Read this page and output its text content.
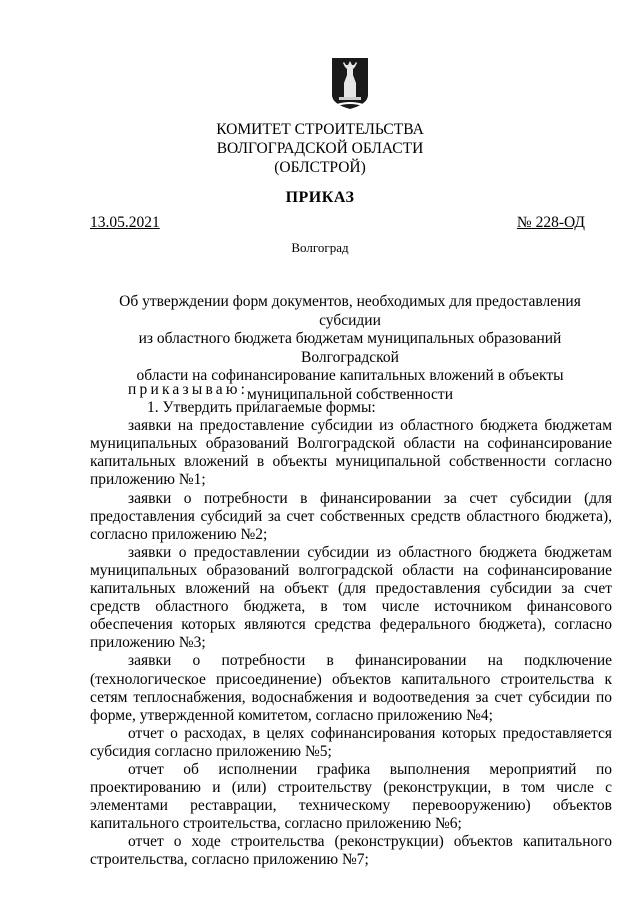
КОМИТЕТ СТРОИТЕЛЬСТВА
ВОЛГОГРАДСКОЙ ОБЛАСТИ
(ОБЛСТРОЙ)
ПРИКАЗ
13.05.2021	№ 228-ОД
Волгоград
Об утверждении форм документов, необходимых для предоставления субсидии
из областного бюджета бюджетам муниципальных образований Волгоградской
области на софинансирование капитальных вложений в объекты
муниципальной собственности

приказываю:

1. Утвердить прилагаемые формы:

заявки на предоставление субсидии из областного бюджета бюджетам муниципальных образований Волгоградской области на софинансирование капитальных вложений в объекты муниципальной собственности согласно приложению №1;

заявки о потребности в финансировании за счет субсидии (для предоставления субсидий за счет собственных средств областного бюджета), согласно приложению №2;

заявки о предоставлении субсидии из областного бюджета бюджетам муниципальных образований волгоградской области на софинансирование капитальных вложений на объект (для предоставления субсидии за счет средств областного бюджета, в том числе источником финансового обеспечения которых являются средства федерального бюджета), согласно приложению №3;

заявки о потребности в финансировании на подключение (технологическое присоединение) объектов капитального строительства к сетям теплоснабжения, водоснабжения и водоотведения за счет субсидии по форме, утвержденной комитетом, согласно приложению №4;

отчет о расходах, в целях софинансирования которых предоставляется субсидия согласно приложению №5;

отчет об исполнении графика выполнения мероприятий по проектированию и (или) строительству (реконструкции, в том числе с элементами реставрации, техническому перевооружению) объектов капитального строительства, согласно приложению №6;

отчет о ходе строительства (реконструкции) объектов капитального строительства, согласно приложению №7;
